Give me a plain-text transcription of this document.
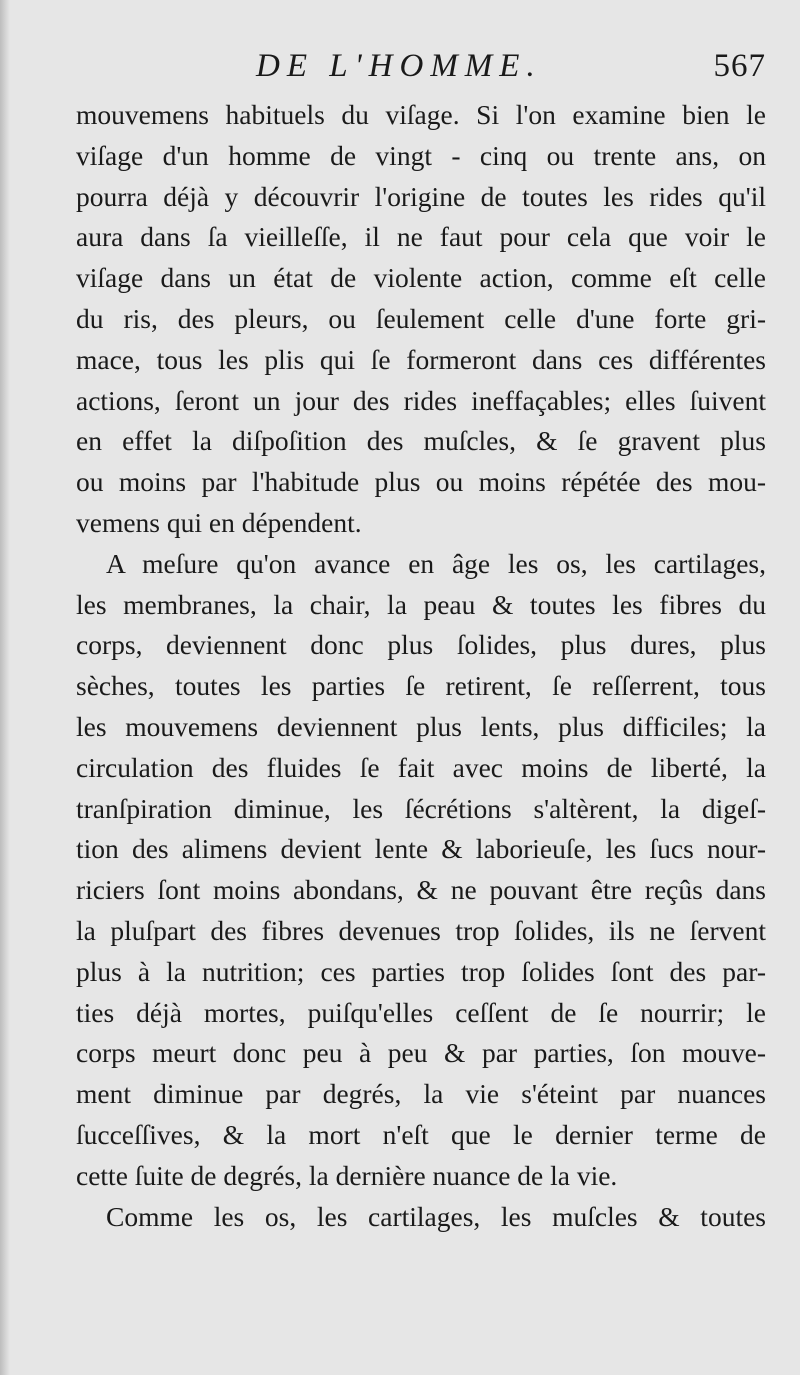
DE L'HOMME.	567
mouvemens habituels du viſage. Si l'on examine bien le
viſage d'un homme de vingt - cinq ou trente ans, on
pourra déjà y découvrir l'origine de toutes les rides qu'il
aura dans ſa vieilleſſe, il ne faut pour cela que voir le
viſage dans un état de violente action, comme eſt celle
du ris, des pleurs, ou ſeulement celle d'une forte gri-
mace, tous les plis qui ſe formeront dans ces différentes
actions, ſeront un jour des rides ineffaçables; elles ſuivent
en effet la diſpoſition des muſcles, & ſe gravent plus
ou moins par l'habitude plus ou moins répétée des mou-
vemens qui en dépendent.
A meſure qu'on avance en âge les os, les cartilages,
les membranes, la chair, la peau & toutes les fibres du
corps, deviennent donc plus ſolides, plus dures, plus
sèches, toutes les parties ſe retirent, ſe reſſerrent, tous
les mouvemens deviennent plus lents, plus difficiles; la
circulation des fluides ſe fait avec moins de liberté, la
tranſpiration diminue, les ſécrétions s'altèrent, la digeſ-
tion des alimens devient lente & laborieuſe, les ſucs nour-
riciers ſont moins abondans, & ne pouvant être reçûs dans
la pluſpart des fibres devenues trop ſolides, ils ne ſervent
plus à la nutrition; ces parties trop ſolides ſont des par-
ties déjà mortes, puiſqu'elles ceſſent de ſe nourrir; le
corps meurt donc peu à peu & par parties, ſon mouve-
ment diminue par degrés, la vie s'éteint par nuances
ſucceſſives, & la mort n'eſt que le dernier terme de
cette ſuite de degrés, la dernière nuance de la vie.
Comme les os, les cartilages, les muſcles & toutes
